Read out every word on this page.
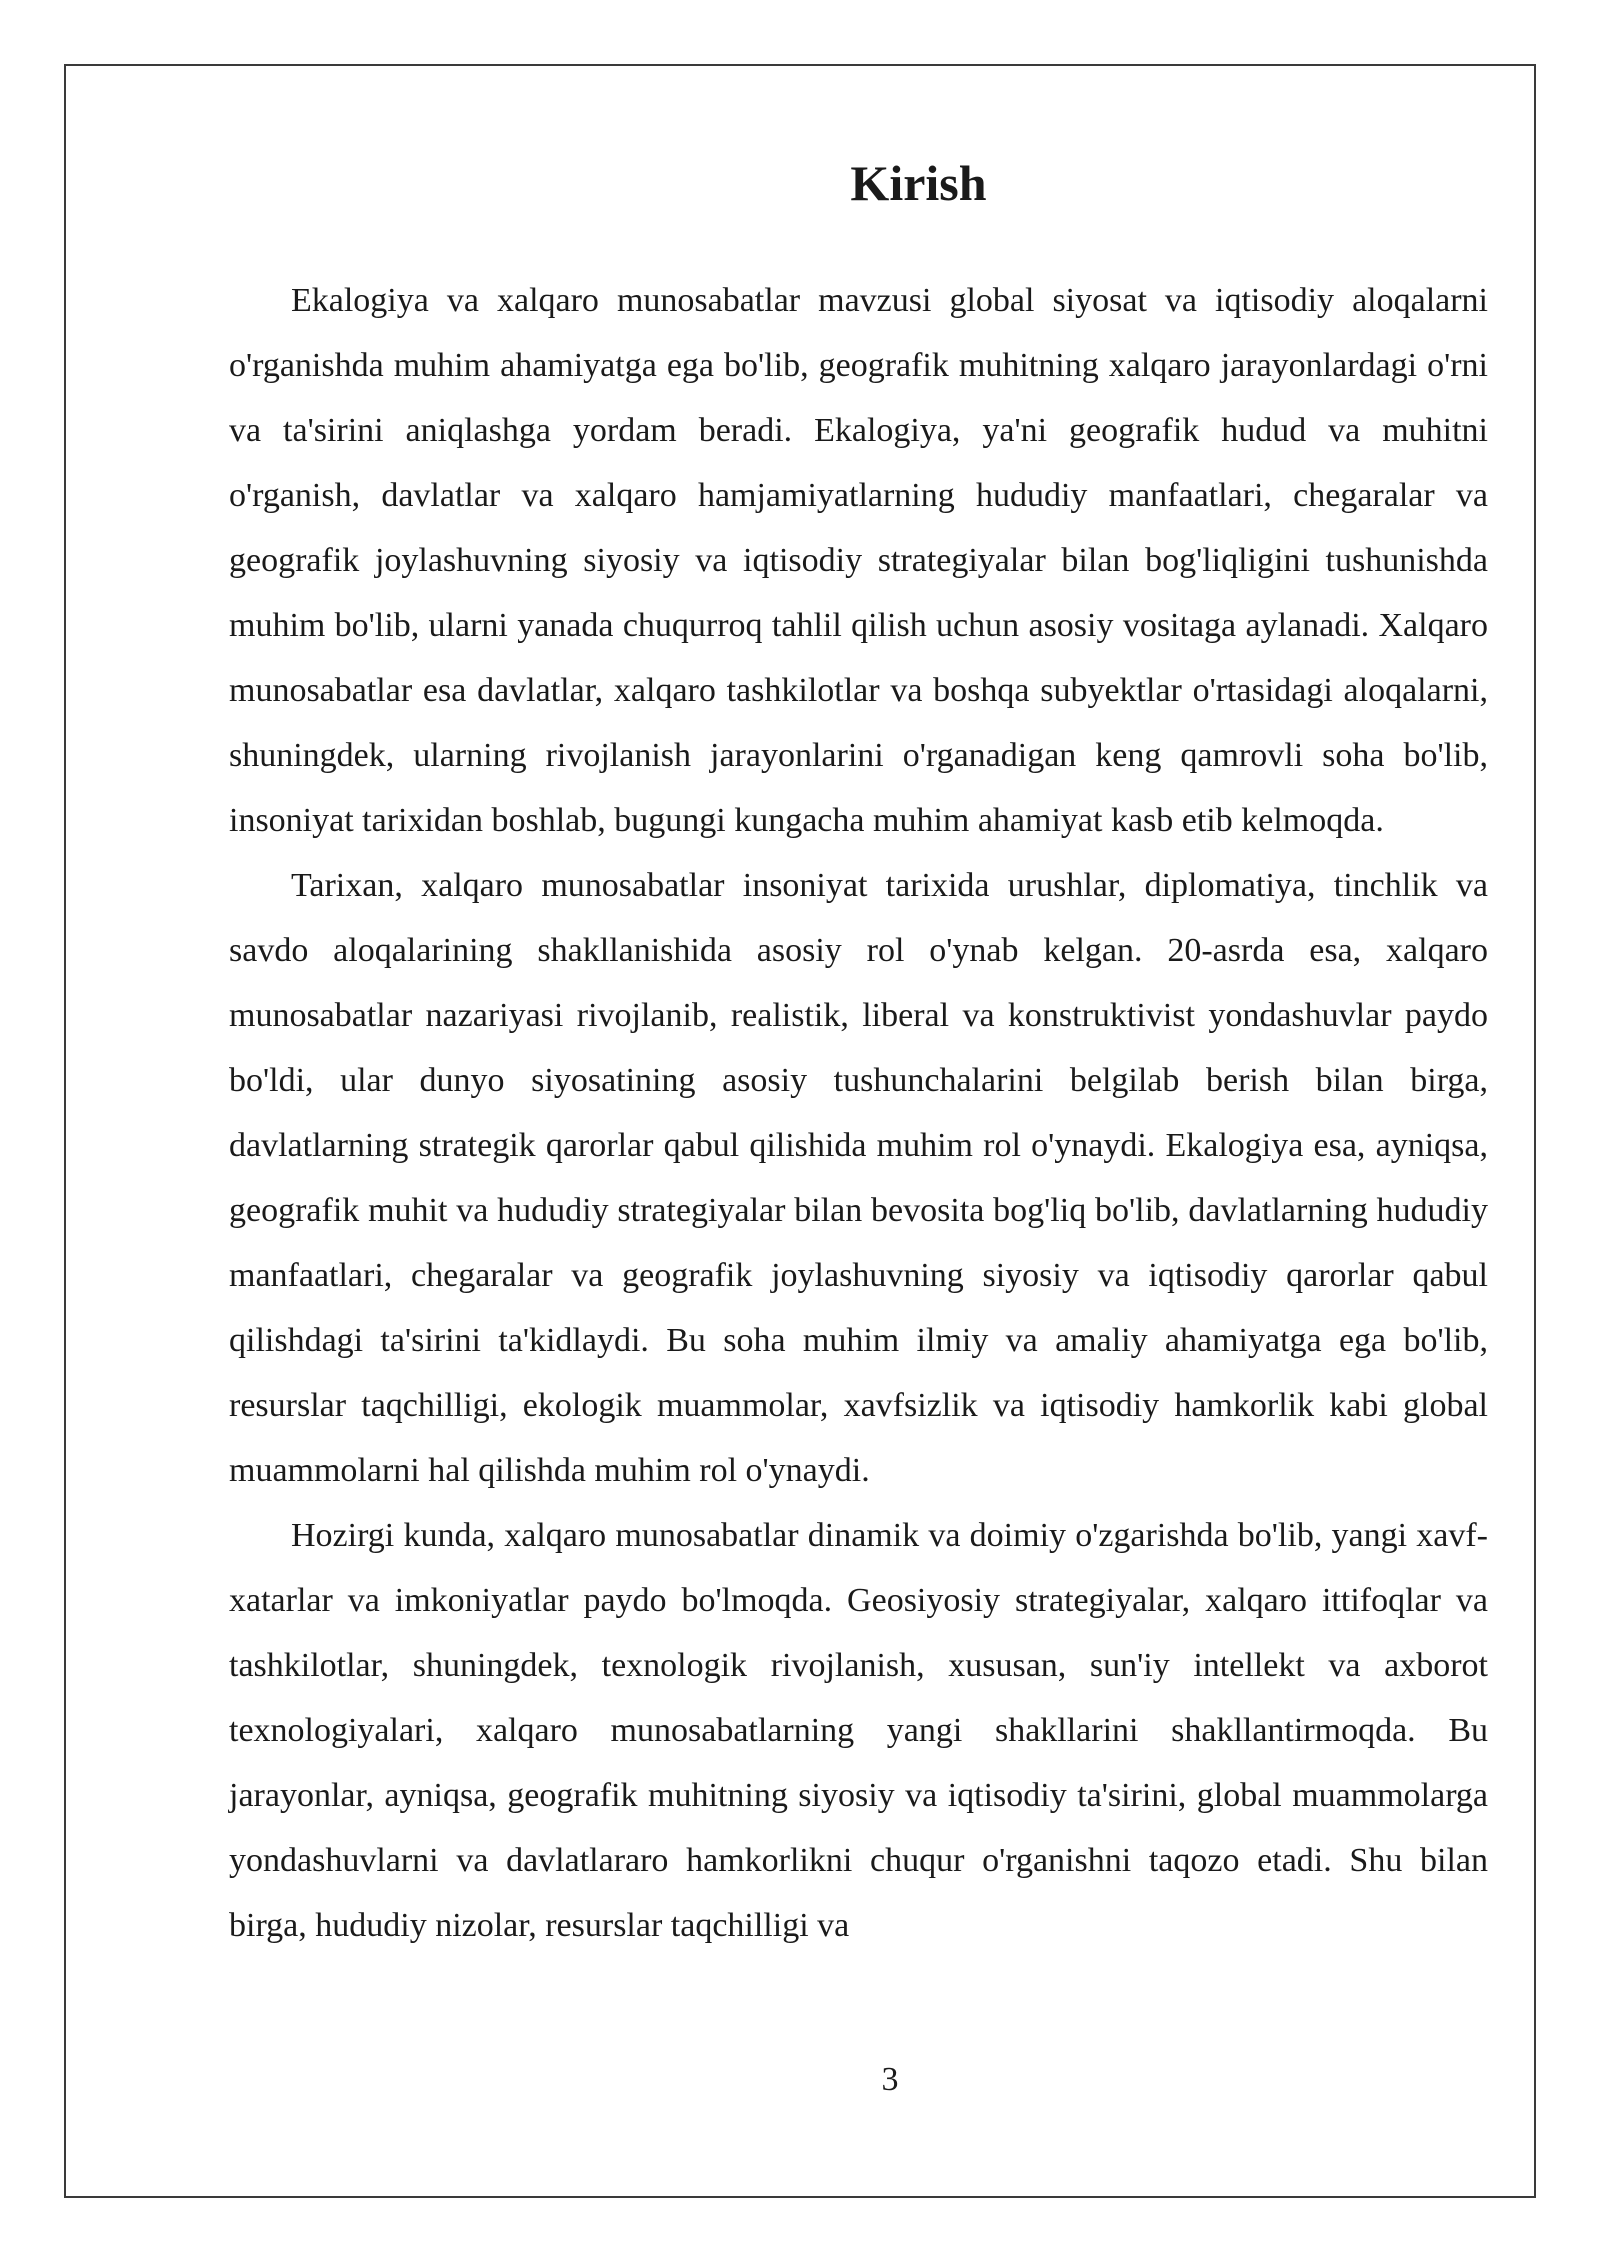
Kirish

Ekalogiya va xalqaro munosabatlar mavzusi global siyosat va iqtisodiy aloqalarni o'rganishda muhim ahamiyatga ega bo'lib, geografik muhitning xalqaro jarayonlardagi o'rni va ta'sirini aniqlashga yordam beradi. Ekalogiya, ya'ni geografik hudud va muhitni o'rganish, davlatlar va xalqaro hamjamiyatlarning hududiy manfaatlari, chegaralar va geografik joylashuvning siyosiy va iqtisodiy strategiyalar bilan bog'liqligini tushunishda muhim bo'lib, ularni yanada chuqurroq tahlil qilish uchun asosiy vositaga aylanadi. Xalqaro munosabatlar esa davlatlar, xalqaro tashkilotlar va boshqa subyektlar o'rtasidagi aloqalarni, shuningdek, ularning rivojlanish jarayonlarini o'rganadigan keng qamrovli soha bo'lib, insoniyat tarixidan boshlab, bugungi kungacha muhim ahamiyat kasb etib kelmoqda.

Tarixan, xalqaro munosabatlar insoniyat tarixida urushlar, diplomatiya, tinchlik va savdo aloqalarining shakllanishida asosiy rol o'ynab kelgan. 20-asrda esa, xalqaro munosabatlar nazariyasi rivojlanib, realistik, liberal va konstruktivist yondashuvlar paydo bo'ldi, ular dunyo siyosatining asosiy tushunchalarini belgilab berish bilan birga, davlatlarning strategik qarorlar qabul qilishida muhim rol o'ynaydi. Ekalogiya esa, ayniqsa, geografik muhit va hududiy strategiyalar bilan bevosita bog'liq bo'lib, davlatlarning hududiy manfaatlari, chegaralar va geografik joylashuvning siyosiy va iqtisodiy qarorlar qabul qilishdagi ta'sirini ta'kidlaydi. Bu soha muhim ilmiy va amaliy ahamiyatga ega bo'lib, resurslar taqchilligi, ekologik muammolar, xavfsizlik va iqtisodiy hamkorlik kabi global muammolarni hal qilishda muhim rol o'ynaydi.

Hozirgi kunda, xalqaro munosabatlar dinamik va doimiy o'zgarishda bo'lib, yangi xavf-xatarlar va imkoniyatlar paydo bo'lmoqda. Geosiyosiy strategiyalar, xalqaro ittifoqlar va tashkilotlar, shuningdek, texnologik rivojlanish, xususan, sun'iy intellekt va axborot texnologiyalari, xalqaro munosabatlarning yangi shakllarini shakllantirmoqda. Bu jarayonlar, ayniqsa, geografik muhitning siyosiy va iqtisodiy ta'sirini, global muammolarga yondashuvlarni va davlatlararo hamkorlikni chuqur o'rganishni taqozo etadi. Shu bilan birga, hududiy nizolar, resurslar taqchilligi va

3
